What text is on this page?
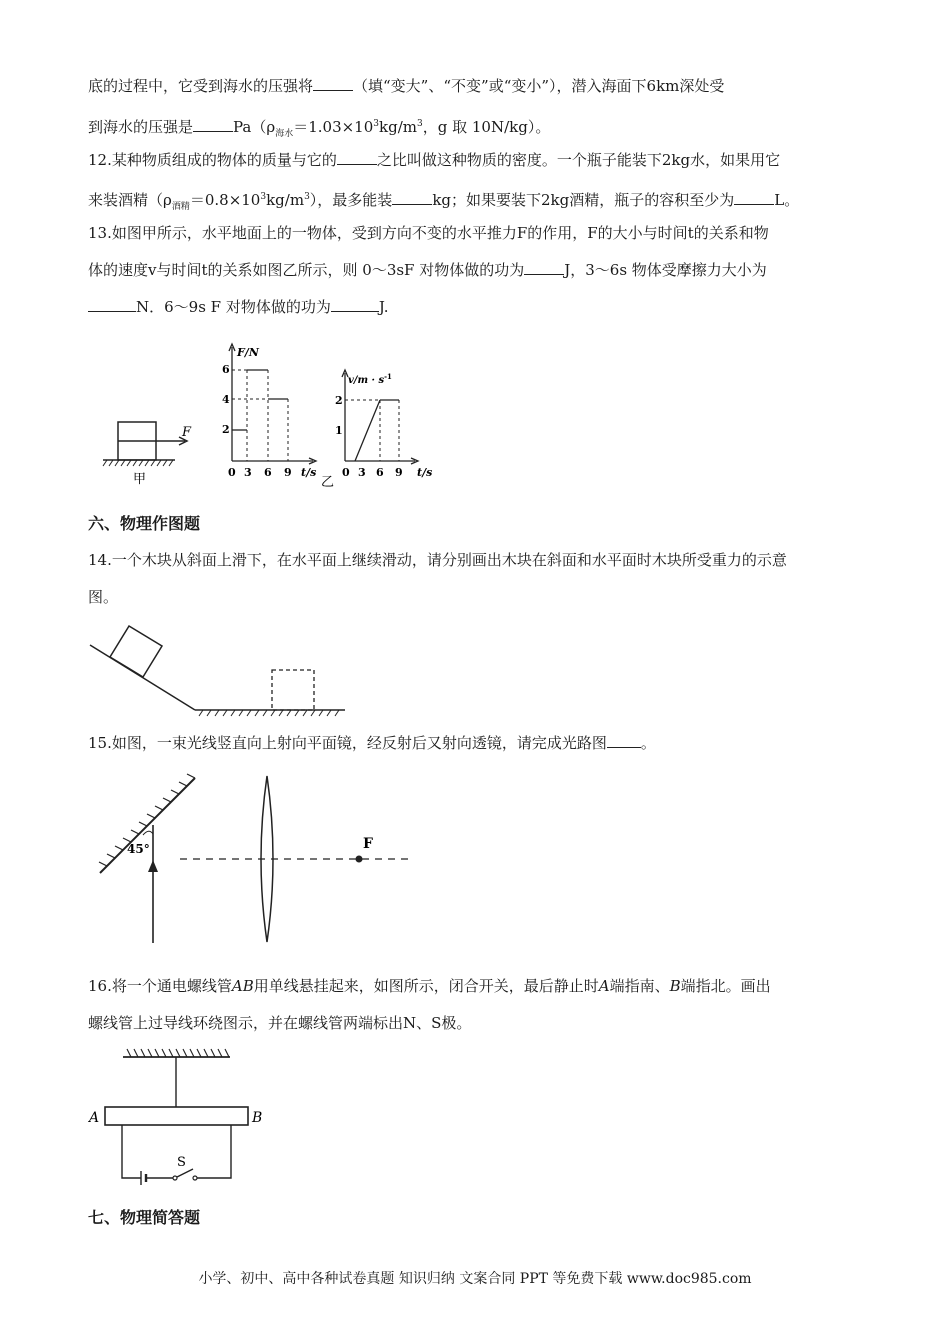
底的过程中，它受到海水的压强将	（填“变大”、“不变”或“变小”），潜入海面下6km深处受
到海水的压强是	$Pa(\rho_{海水}=1.03\times 10^3kg/m^3$，g 取 10N/kg）。
12.某种物质组成的物体的质量与它的	之比叫做这种物质的密度。一个瓶子能装下2kg水，如果用它
来装酒精$(\rho_{酒精}=0.8\times 10^3kg/m^3)$，最多能装	kg；如果要装下2kg酒精，瓶子的容积至少为	L。
13.如图甲所示，水平地面上的一物体，受到方向不变的水平推力F的作用，F的大小与时间t的关系和物
体的速度v与时间t的关系如图乙所示，则 0～3sF 对物体做的功为	J，3～6s 物体受摩擦力大小为
N．6～9s F 对物体做的功为	J.
F
甲
F/N
6
4
2
0 3 6 9 t/s
乙
$v/m \cdot s^{-1}$
2
1
0 3 6 9 t/s
六、物理作图题
14.一个木块从斜面上滑下，在水平面上继续滑动，请分别画出木块在斜面和水平面时木块所受重力的示意
图。
15.如图，一束光线竖直向上射向平面镜，经反射后又射向透镜，请完成光路图 。
45°	F
16.将一个通电螺线管AB用单线悬挂起来，如图所示，闭合开关，最后静止时A端指南、B端指北。画出
螺线管上过导线环绕图示，并在螺线管两端标出N、S极。
A	B
S
七、物理简答题
小学、初中、高中各种试卷真题 知识归纳 文案合同 PPT 等免费下载 www.doc985.com
